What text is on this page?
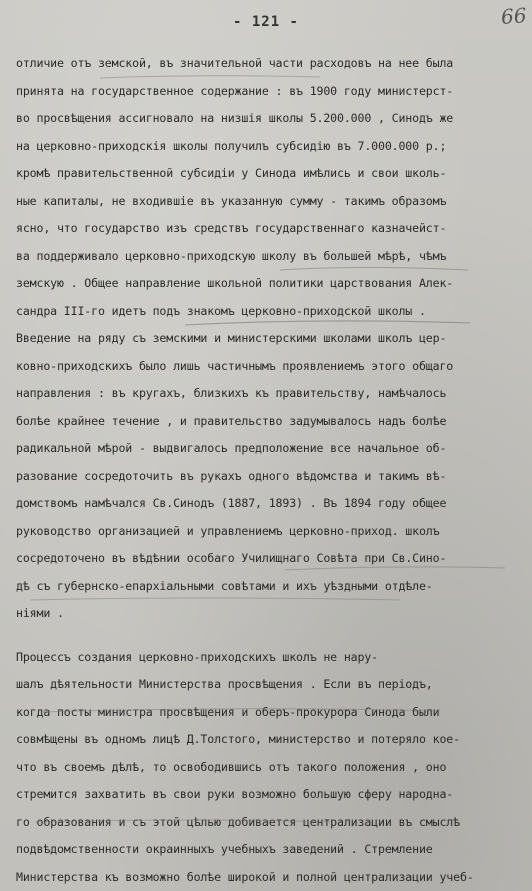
- 121 -	66
отличие отъ земской, въ значительной части расходовъ на нее была
принята на государственное содержание : въ 1900 году министерст-
во просвѣщения ассигновало на низшія школы 5.200.000 , Синодъ же
на церковно-приходскія школы получилъ субсидію въ 7.000.000 р.;
кромѣ правительственной субсидіи у Синода имѣлись и свои школь-
ные капиталы, не входившіе въ указанную сумму - такимъ образомъ
ясно, что государство изъ средствъ государственнаго казначейст-
ва поддерживало церковно-приходскую школу въ большей мѣрѣ, чѣмъ
земскую . Общее направление школьной политики царствования Алек-
сандра III-го идетъ подъ знакомъ церковно-приходской школы .
Введение на ряду съ земскими и министерскими школами школъ цер-
ковно-приходскихъ было лишь частичнымъ проявлениемъ этого общаго
направления : въ кругахъ, близкихъ къ правительству, намѣчалось
болѣе крайнее течение , и правительство задумывалось надъ болѣе
радикальной мѣрой - выдвигалось предположение все начальное об-
разование сосредоточить въ рукахъ одного вѣдомства и такимъ вѣ-
домствомъ намѣчался Св.Синодъ (1887, 1893) . Въ 1894 году общее
руководство организацией и управлениемъ церковно-приход. школъ
сосредоточено въ вѣдѣнии особаго Училищнаго Совѣта при Св.Сино-
дѣ съ губернско-епархіальными совѣтами и ихъ уѣздными отдѣле-
ніями .
Процессъ создания церковно-приходскихъ школъ не нару-
шалъ дѣятельности Министерства просвѣщения . Если въ періодъ,
когда посты министра просвѣщения и оберъ-прокурора Синода были
совмѣщены въ одномъ лицѣ Д.Толстого, министерство и потеряло кое-
что въ своемъ дѣлѣ, то освободившись отъ такого положения , оно
стремится захватить въ свои руки возможно большую сферу народна-
го образования и съ этой цѣлью добивается централизации въ смыслѣ
подвѣдомственности окраинныхъ учебныхъ заведений . Стремление
Министерства къ возможно болѣе широкой и полной централизации учеб-
